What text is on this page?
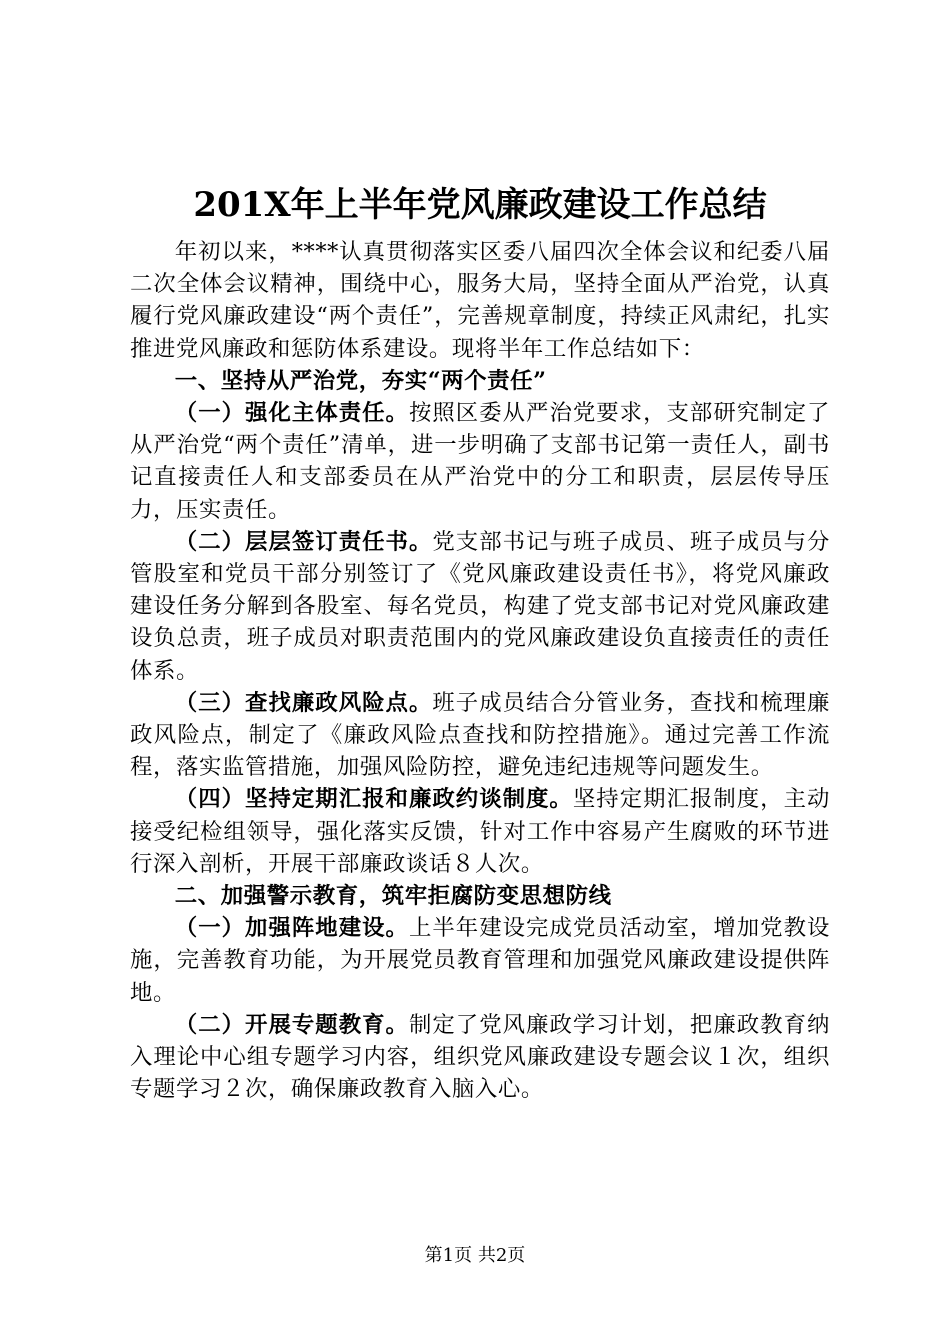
201X年上半年党风廉政建设工作总结

年初以来，****认真贯彻落实区委八届四次全体会议和纪委八届二次全体会议精神，围绕中心，服务大局，坚持全面从严治党，认真履行党风廉政建设“两个责任”，完善规章制度，持续正风肃纪，扎实推进党风廉政和惩防体系建设。现将半年工作总结如下：

一、坚持从严治党，夯实“两个责任”

（一）强化主体责任。按照区委从严治党要求，支部研究制定了从严治党“两个责任”清单，进一步明确了支部书记第一责任人，副书记直接责任人和支部委员在从严治党中的分工和职责，层层传导压力，压实责任。

（二）层层签订责任书。党支部书记与班子成员、班子成员与分管股室和党员干部分别签订了《党风廉政建设责任书》，将党风廉政建设任务分解到各股室、每名党员，构建了党支部书记对党风廉政建设负总责，班子成员对职责范围内的党风廉政建设负直接责任的责任体系。

（三）查找廉政风险点。班子成员结合分管业务，查找和梳理廉政风险点，制定了《廉政风险点查找和防控措施》。通过完善工作流程，落实监管措施，加强风险防控，避免违纪违规等问题发生。

（四）坚持定期汇报和廉政约谈制度。坚持定期汇报制度，主动接受纪检组领导，强化落实反馈，针对工作中容易产生腐败的环节进行深入剖析，开展干部廉政谈话８人次。

二、加强警示教育，筑牢拒腐防变思想防线

（一）加强阵地建设。上半年建设完成党员活动室，增加党教设施，完善教育功能，为开展党员教育管理和加强党风廉政建设提供阵地。

（二）开展专题教育。制定了党风廉政学习计划，把廉政教育纳入理论中心组专题学习内容，组织党风廉政建设专题会议１次，组织专题学习２次，确保廉政教育入脑入心。

第1页 共2页
